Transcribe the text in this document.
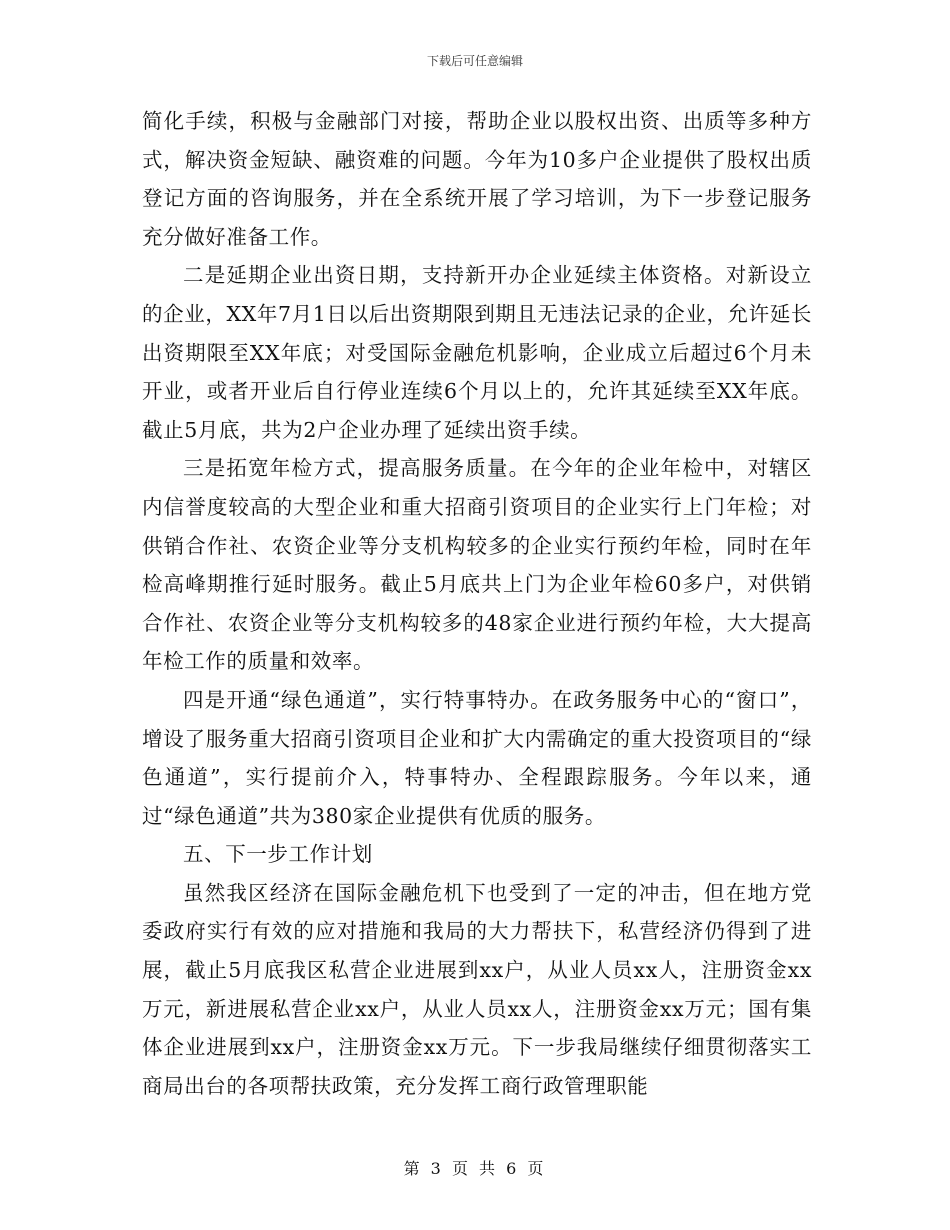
下载后可任意编辑

简化手续，积极与金融部门对接，帮助企业以股权出资、出质等多种方式，解决资金短缺、融资难的问题。今年为10多户企业提供了股权出质登记方面的咨询服务，并在全系统开展了学习培训，为下一步登记服务充分做好准备工作。

二是延期企业出资日期，支持新开办企业延续主体资格。对新设立的企业，XX年7月1日以后出资期限到期且无违法记录的企业，允许延长出资期限至XX年底；对受国际金融危机影响，企业成立后超过6个月未开业，或者开业后自行停业连续6个月以上的，允许其延续至XX年底。截止5月底，共为2户企业办理了延续出资手续。

三是拓宽年检方式，提高服务质量。在今年的企业年检中，对辖区内信誉度较高的大型企业和重大招商引资项目的企业实行上门年检；对供销合作社、农资企业等分支机构较多的企业实行预约年检，同时在年检高峰期推行延时服务。截止5月底共上门为企业年检60多户，对供销合作社、农资企业等分支机构较多的48家企业进行预约年检，大大提高年检工作的质量和效率。

四是开通“绿色通道”，实行特事特办。在政务服务中心的“窗口”，增设了服务重大招商引资项目企业和扩大内需确定的重大投资项目的“绿色通道”，实行提前介入，特事特办、全程跟踪服务。今年以来，通过“绿色通道”共为380家企业提供有优质的服务。

五、下一步工作计划

虽然我区经济在国际金融危机下也受到了一定的冲击，但在地方党委政府实行有效的应对措施和我局的大力帮扶下，私营经济仍得到了进展，截止5月底我区私营企业进展到xx户，从业人员xx人，注册资金xx万元，新进展私营企业xx户，从业人员xx人，注册资金xx万元；国有集体企业进展到xx户，注册资金xx万元。下一步我局继续仔细贯彻落实工商局出台的各项帮扶政策，充分发挥工商行政管理职能

第 3 页 共 6 页
